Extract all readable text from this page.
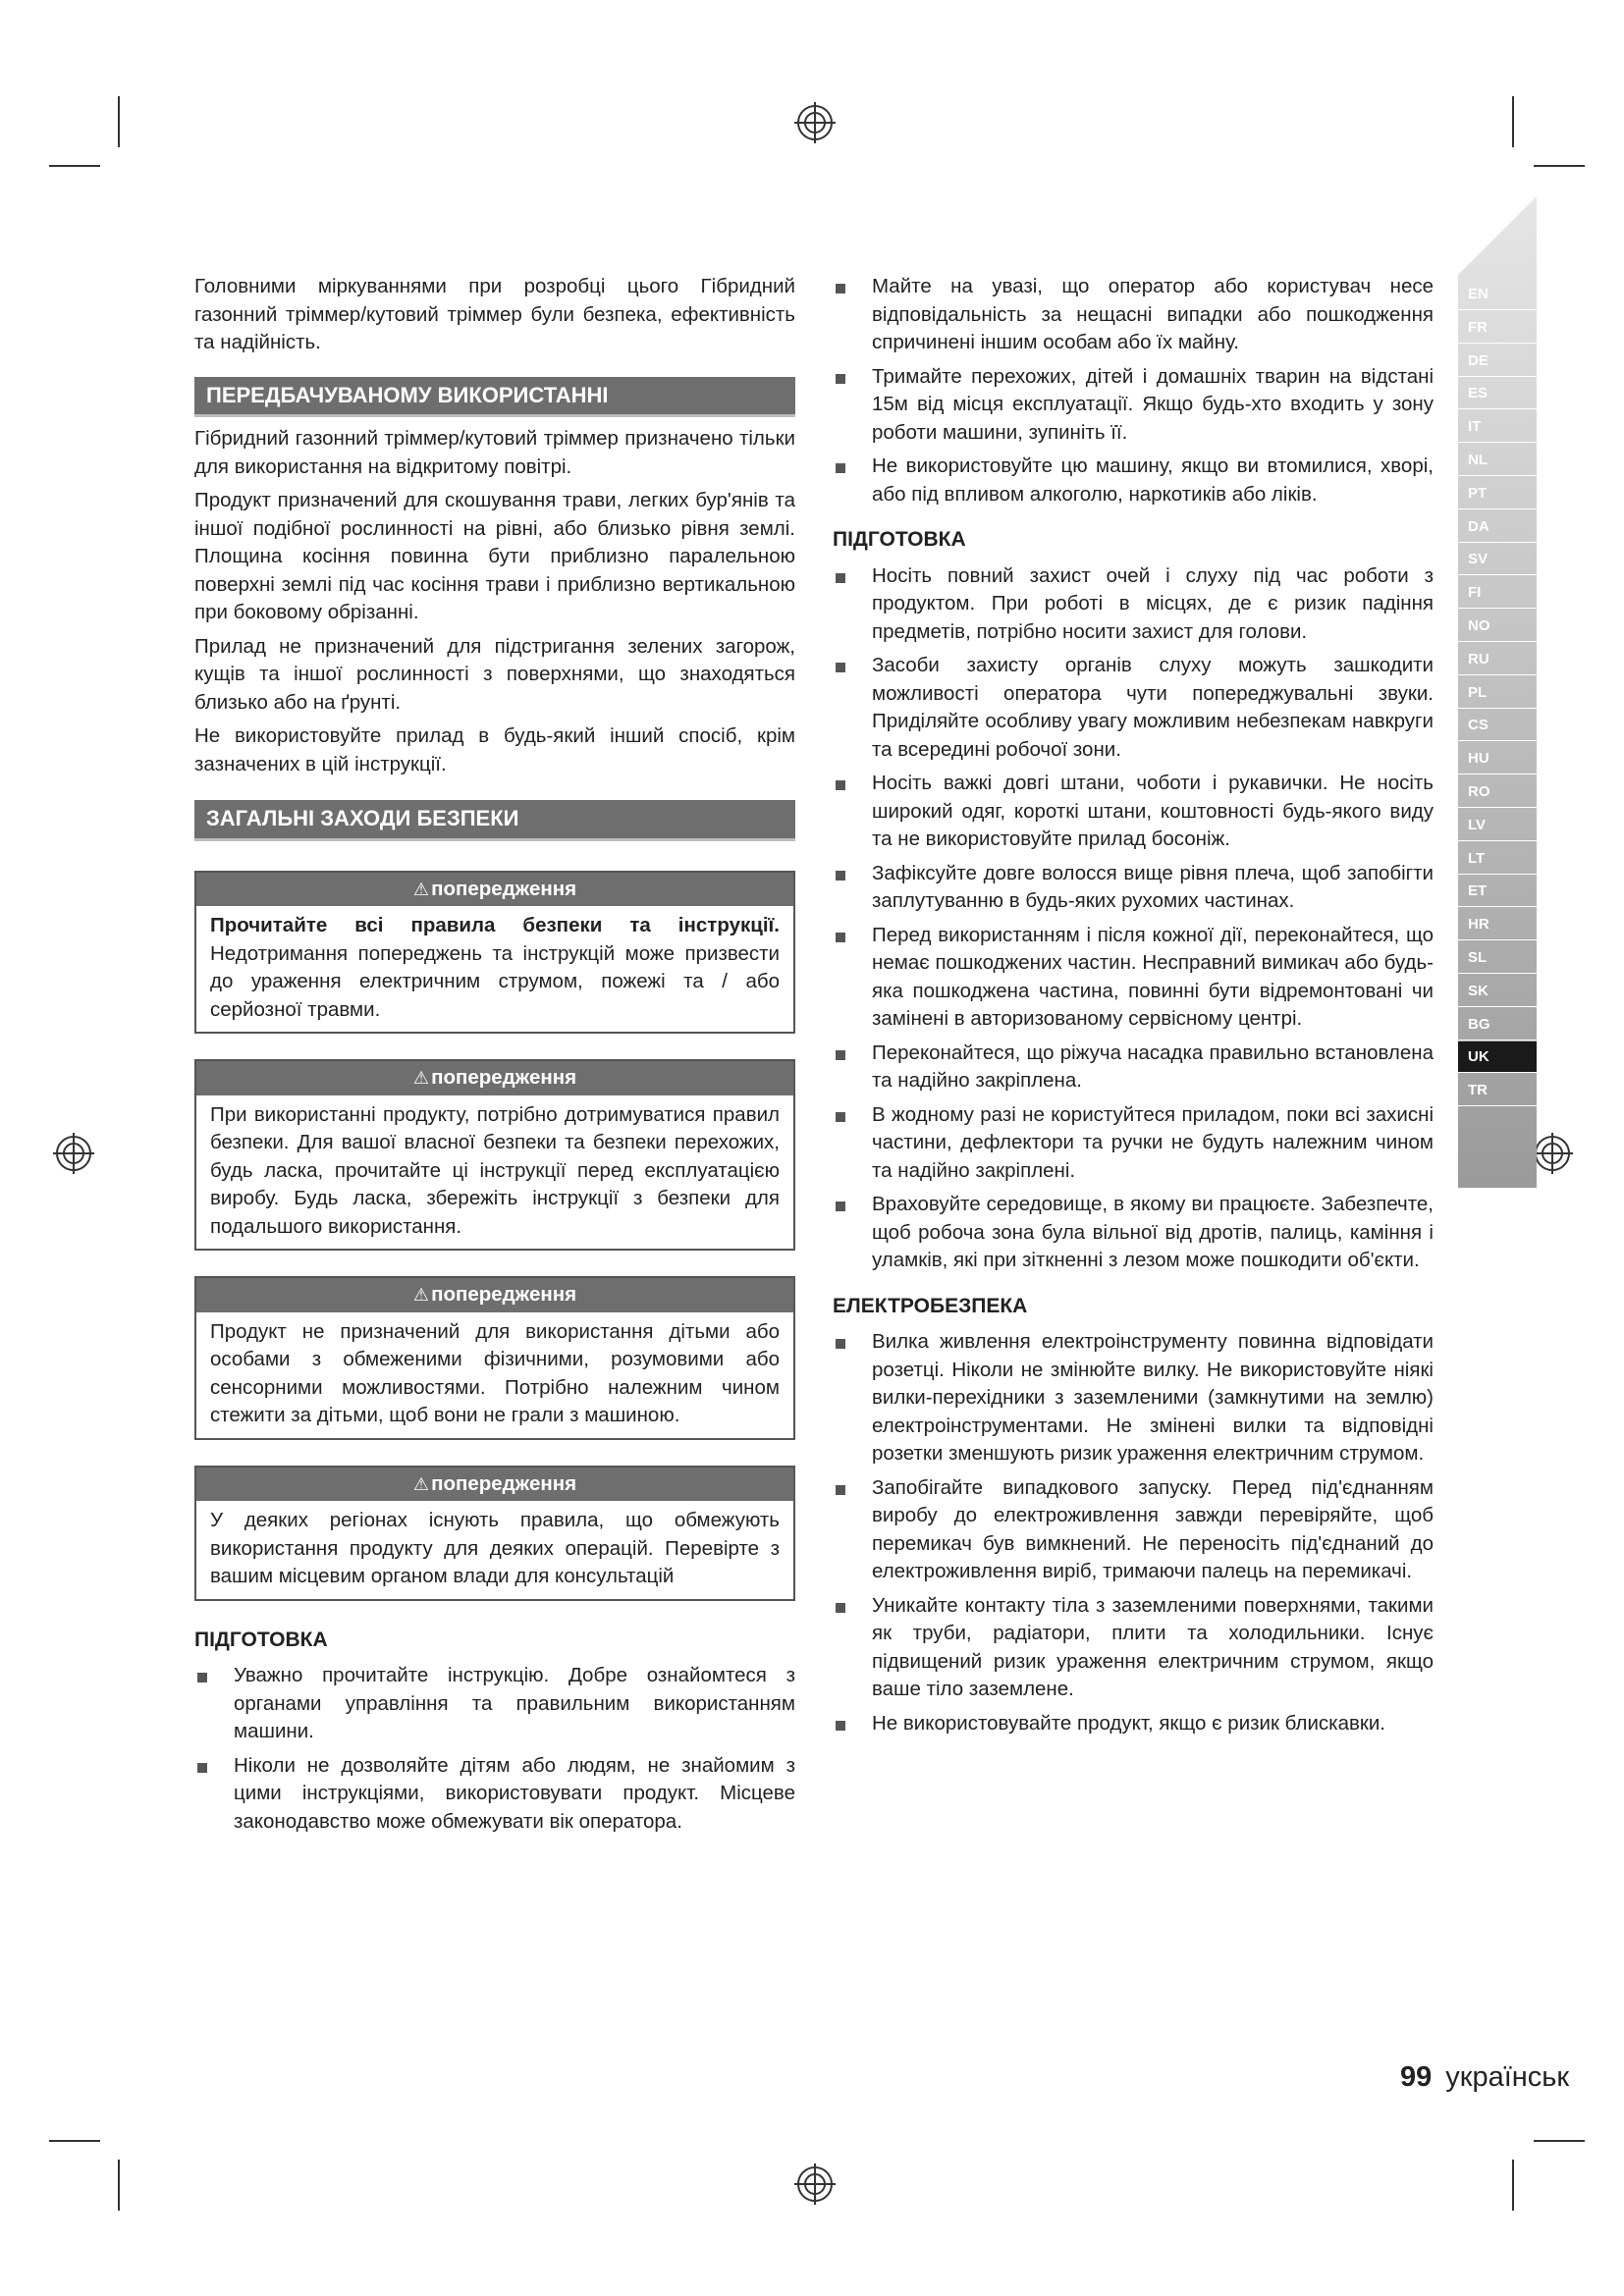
EN
FR
DE
ES
IT
NL
PT
DA
SV
FI
NO
RU
PL
CS
HU
RO
LV
LT
ET
HR
SL
SK
BG
UK
TR

Головними міркуваннями при розробці цього Гібридний газонний тріммер/кутовий тріммер були безпека, ефективність та надійність.

ПЕРЕДБАЧУВАНОМУ ВИКОРИСТАННІ

Гібридний газонний тріммер/кутовий тріммер призначено тільки для використання на відкритому повітрі.

Продукт призначений для скошування трави, легких бур'янів та іншої подібної рослинності на рівні, або близько рівня землі. Площина косіння повинна бути приблизно паралельною поверхні землі під час косіння трави і приблизно вертикальною при боковому обрізанні.

Прилад не призначений для підстригання зелених загорож, кущів та іншої рослинності з поверхнями, що знаходяться близько або на ґрунті.

Не використовуйте прилад в будь-який інший спосіб, крім зазначених в цій інструкції.

ЗАГАЛЬНІ ЗАХОДИ БЕЗПЕКИ
⚠попередження

Прочитайте всі правила безпеки та інструкції. Недотримання попереджень та інструкцій може призвести до ураження електричним струмом, пожежі та / або серйозної травми.

⚠попередження

При використанні продукту, потрібно дотримуватися правил безпеки. Для вашої власної безпеки та безпеки перехожих, будь ласка, прочитайте ці інструкції перед експлуатацією виробу. Будь ласка, збережіть інструкції з безпеки для подальшого використання.

⚠попередження

Продукт не призначений для використання дітьми або особами з обмеженими фізичними, розумовими або сенсорними можливостями. Потрібно належним чином стежити за дітьми, щоб вони не грали з машиною.

⚠попередження

У деяких регіонах існують правила, що обмежують використання продукту для деяких операцій. Перевірте з вашим місцевим органом влади для консультацій

ПІДГОТОВКА
Уважно прочитайте інструкцію. Добре ознайомтеся з органами управління та правильним використанням машини.
Ніколи не дозволяйте дітям або людям, не знайомим з цими інструкціями, використовувати продукт. Місцеве законодавство може обмежувати вік оператора.
Майте на увазі, що оператор або користувач несе відповідальність за нещасні випадки або пошкодження спричинені іншим особам або їх майну.
Тримайте перехожих, дітей і домашніх тварин на відстані 15м від місця експлуатації. Якщо будь-хто входить у зону роботи машини, зупиніть її.
Не використовуйте цю машину, якщо ви втомилися, хворі, або під впливом алкоголю, наркотиків або ліків.
ПІДГОТОВКА
Носіть повний захист очей і слуху під час роботи з продуктом. При роботі в місцях, де є ризик падіння предметів, потрібно носити захист для голови.
Засоби захисту органів слуху можуть зашкодити можливості оператора чути попереджувальні звуки. Приділяйте особливу увагу можливим небезпекам навкруги та всередині робочої зони.
Носіть важкі довгі штани, чоботи і рукавички. Не носіть широкий одяг, короткі штани, коштовності будь-якого виду та не використовуйте прилад босоніж.
Зафіксуйте довге волосся вище рівня плеча, щоб запобігти заплутуванню в будь-яких рухомих частинах.
Перед використанням і після кожної дії, переконайтеся, що немає пошкоджених частин. Несправний вимикач або будь-яка пошкоджена частина, повинні бути відремонтовані чи замінені в авторизованому сервісному центрі.
Переконайтеся, що ріжуча насадка правильно встановлена та надійно закріплена.
В жодному разі не користуйтеся приладом, поки всі захисні частини, дефлектори та ручки не будуть належним чином та надійно закріплені.
Враховуйте середовище, в якому ви працюєте. Забезпечте, щоб робоча зона була вільної від дротів, палиць, каміння і уламків, які при зіткненні з лезом може пошкодити об'єкти.
ЕЛЕКТРОБЕЗПЕКА
Вилка живлення електроінструменту повинна відповідати розетці. Ніколи не змінюйте вилку. Не використовуйте ніякі вилки-перехідники з заземленими (замкнутими на землю) електроінструментами. Не змінені вилки та відповідні розетки зменшують ризик ураження електричним струмом.
Запобігайте випадкового запуску. Перед під'єднанням виробу до електроживлення завжди перевіряйте, щоб перемикач був вимкнений. Не переносіть під'єднаний до електроживлення виріб, тримаючи палець на перемикачі.
Уникайте контакту тіла з заземленими поверхнями, такими як труби, радіатори, плити та холодильники. Існує підвищений ризик ураження електричним струмом, якщо ваше тіло заземлене.
Не використовувайте продукт, якщо є ризик блискавки.
99 українськ
